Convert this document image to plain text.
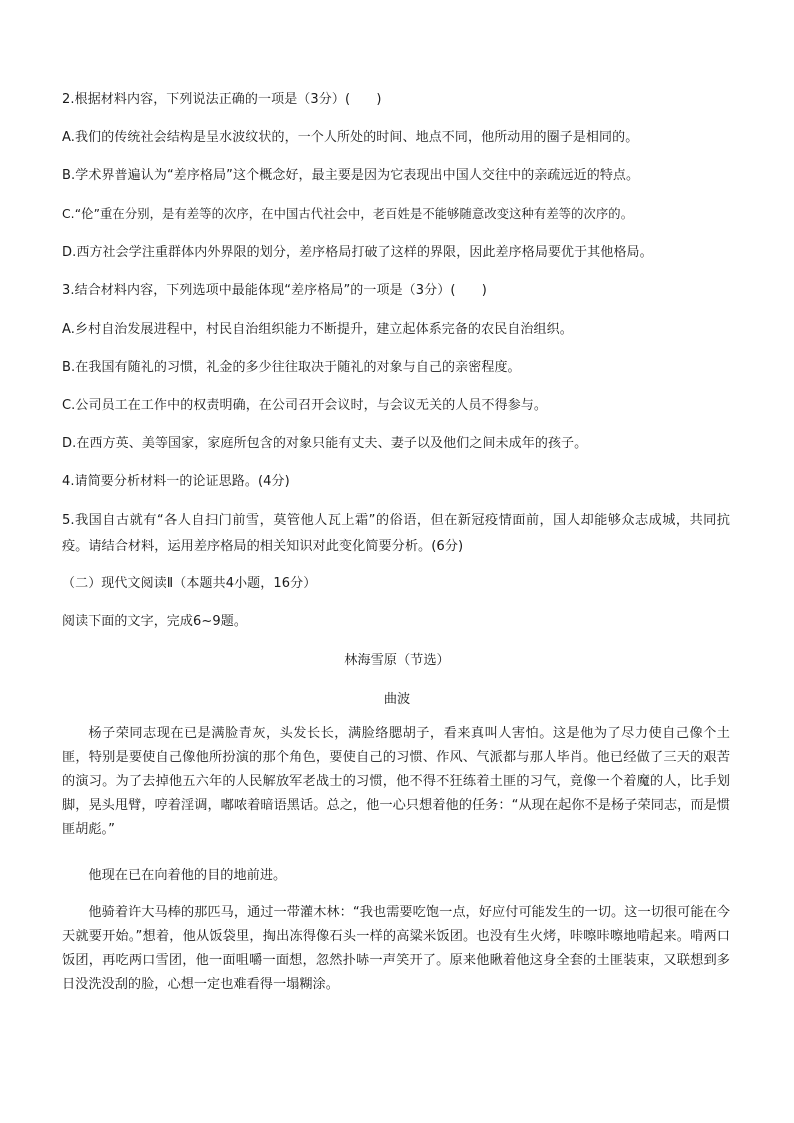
2.根据材料内容，下列说法正确的一项是（3分）(　　)

A.我们的传统社会结构是呈水波纹状的，一个人所处的时间、地点不同，他所动用的圈子是相同的。

B.学术界普遍认为“差序格局”这个概念好，最主要是因为它表现出中国人交往中的亲疏远近的特点。

C.“伦”重在分别，是有差等的次序，在中国古代社会中，老百姓是不能够随意改变这种有差等的次序的。

D.西方社会学注重群体内外界限的划分，差序格局打破了这样的界限，因此差序格局要优于其他格局。

3.结合材料内容，下列选项中最能体现“差序格局”的一项是（3分）(　　)

A.乡村自治发展进程中，村民自治组织能力不断提升，建立起体系完备的农民自治组织。

B.在我国有随礼的习惯，礼金的多少往往取决于随礼的对象与自己的亲密程度。

C.公司员工在工作中的权责明确，在公司召开会议时，与会议无关的人员不得参与。

D.在西方英、美等国家，家庭所包含的对象只能有丈夫、妻子以及他们之间未成年的孩子。

4.请简要分析材料一的论证思路。(4分)

5.我国自古就有“各人自扫门前雪，莫管他人瓦上霜”的俗语，但在新冠疫情面前，国人却能够众志成城，共同抗疫。请结合材料，运用差序格局的相关知识对此变化简要分析。(6分)

（二）现代文阅读Ⅱ（本题共4小题，16分）

阅读下面的文字，完成6~9题。

林海雪原（节选）

曲波

杨子荣同志现在已是满脸青灰，头发长长，满脸络腮胡子，看来真叫人害怕。这是他为了尽力使自己像个土匪，特别是要使自己像他所扮演的那个角色，要使自己的习惯、作风、气派都与那人毕肖。他已经做了三天的艰苦的演习。为了去掉他五六年的人民解放军老战士的习惯，他不得不狂练着土匪的习气，竟像一个着魔的人，比手划脚，晃头甩臂，哼着淫调，嘟哝着暗语黑话。总之，他一心只想着他的任务：“从现在起你不是杨子荣同志，而是惯匪胡彪。”

他现在已在向着他的目的地前进。

他骑着许大马棒的那匹马，通过一带灌木林：“我也需要吃饱一点，好应付可能发生的一切。这一切很可能在今天就要开始。”想着，他从饭袋里，掏出冻得像石头一样的高粱米饭团。也没有生火烤，咔嚓咔嚓地啃起来。啃两口饭团，再吃两口雪团，他一面咀嚼一面想，忽然扑哧一声笑开了。原来他瞅着他这身全套的土匪装束，又联想到多日没洗没刮的脸，心想一定也难看得一塌糊涂。
